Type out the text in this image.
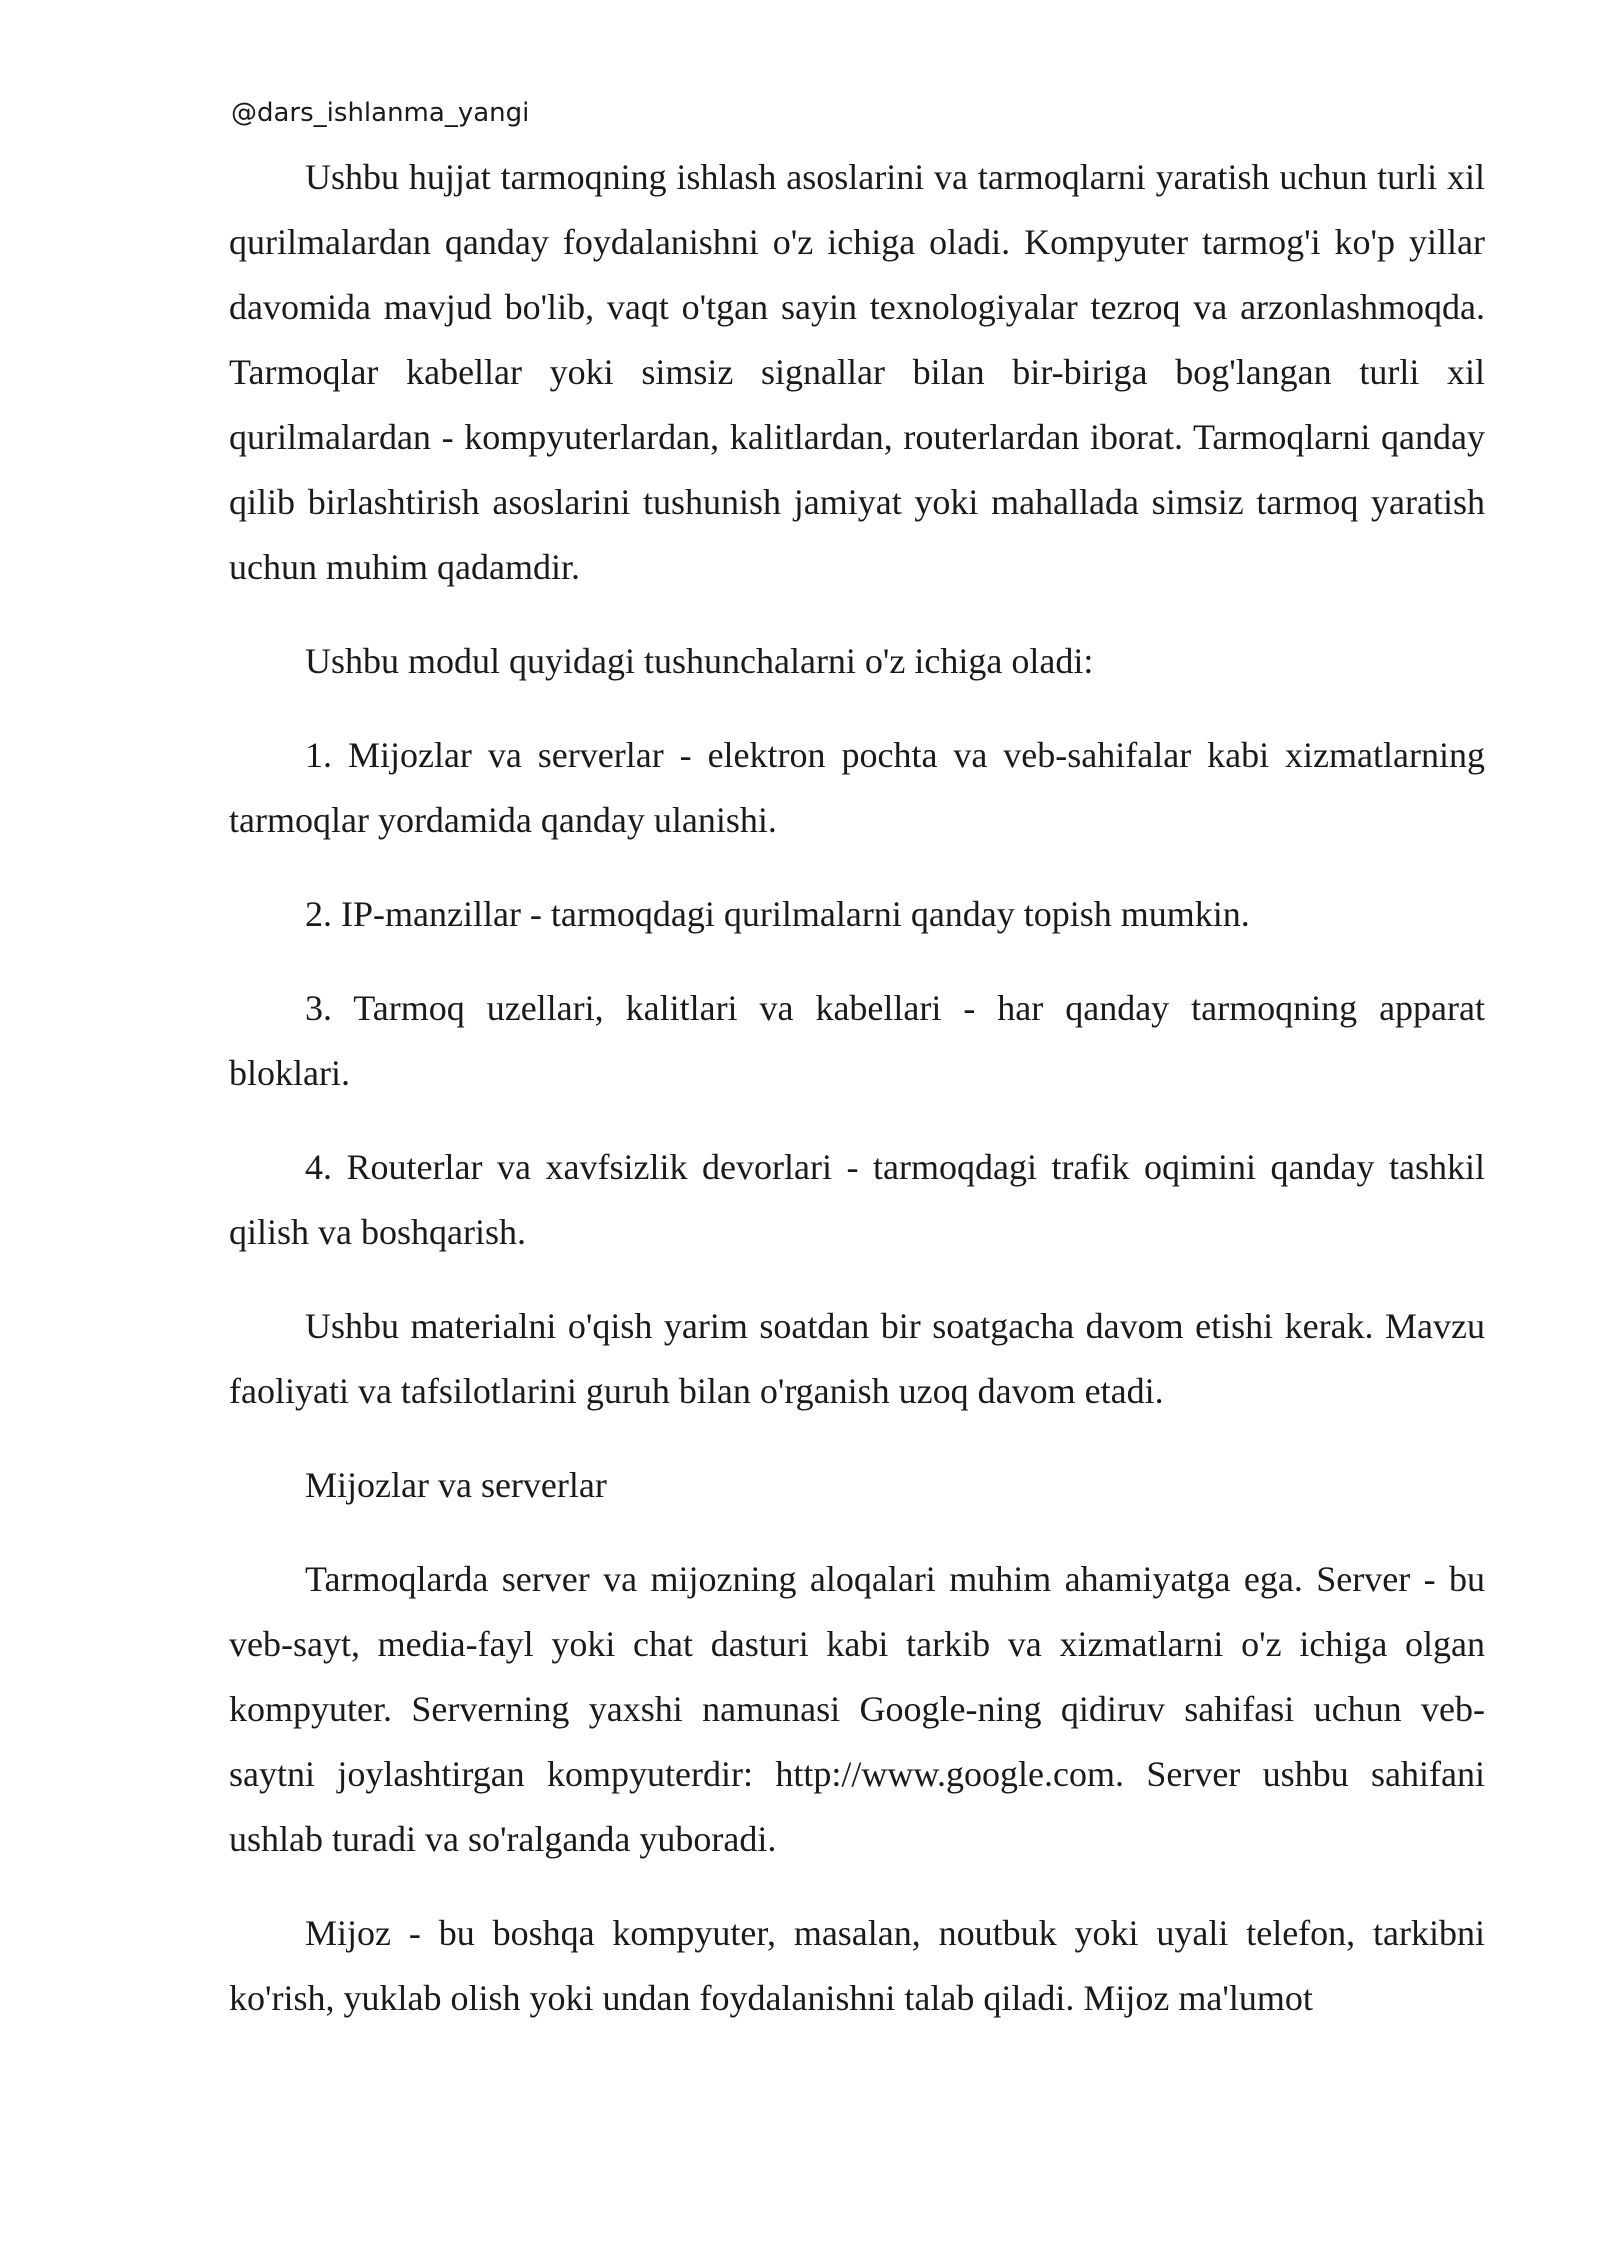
@dars_ishlanma_yangi

Ushbu hujjat tarmoqning ishlash asoslarini va tarmoqlarni yaratish uchun turli xil qurilmalardan qanday foydalanishni o'z ichiga oladi. Kompyuter tarmog'i ko'p yillar davomida mavjud bo'lib, vaqt o'tgan sayin texnologiyalar tezroq va arzonlashmoqda. Tarmoqlar kabellar yoki simsiz signallar bilan bir-biriga bog'langan turli xil qurilmalardan - kompyuterlardan, kalitlardan, routerlardan iborat. Tarmoqlarni qanday qilib birlashtirish asoslarini tushunish jamiyat yoki mahallada simsiz tarmoq yaratish uchun muhim qadamdir.

Ushbu modul quyidagi tushunchalarni o'z ichiga oladi:

1. Mijozlar va serverlar - elektron pochta va veb-sahifalar kabi xizmatlarning tarmoqlar yordamida qanday ulanishi.

2. IP-manzillar - tarmoqdagi qurilmalarni qanday topish mumkin.

3. Tarmoq uzellari, kalitlari va kabellari - har qanday tarmoqning apparat bloklari.

4. Routerlar va xavfsizlik devorlari - tarmoqdagi trafik oqimini qanday tashkil qilish va boshqarish.

Ushbu materialni o'qish yarim soatdan bir soatgacha davom etishi kerak. Mavzu faoliyati va tafsilotlarini guruh bilan o'rganish uzoq davom etadi.

Mijozlar va serverlar

Tarmoqlarda server va mijozning aloqalari muhim ahamiyatga ega. Server - bu veb-sayt, media-fayl yoki chat dasturi kabi tarkib va xizmatlarni o'z ichiga olgan kompyuter. Serverning yaxshi namunasi Google-ning qidiruv sahifasi uchun veb-saytni joylashtirgan kompyuterdir: http://www.google.com. Server ushbu sahifani ushlab turadi va so'ralganda yuboradi.

Mijoz - bu boshqa kompyuter, masalan, noutbuk yoki uyali telefon, tarkibni ko'rish, yuklab olish yoki undan foydalanishni talab qiladi. Mijoz ma'lumot
